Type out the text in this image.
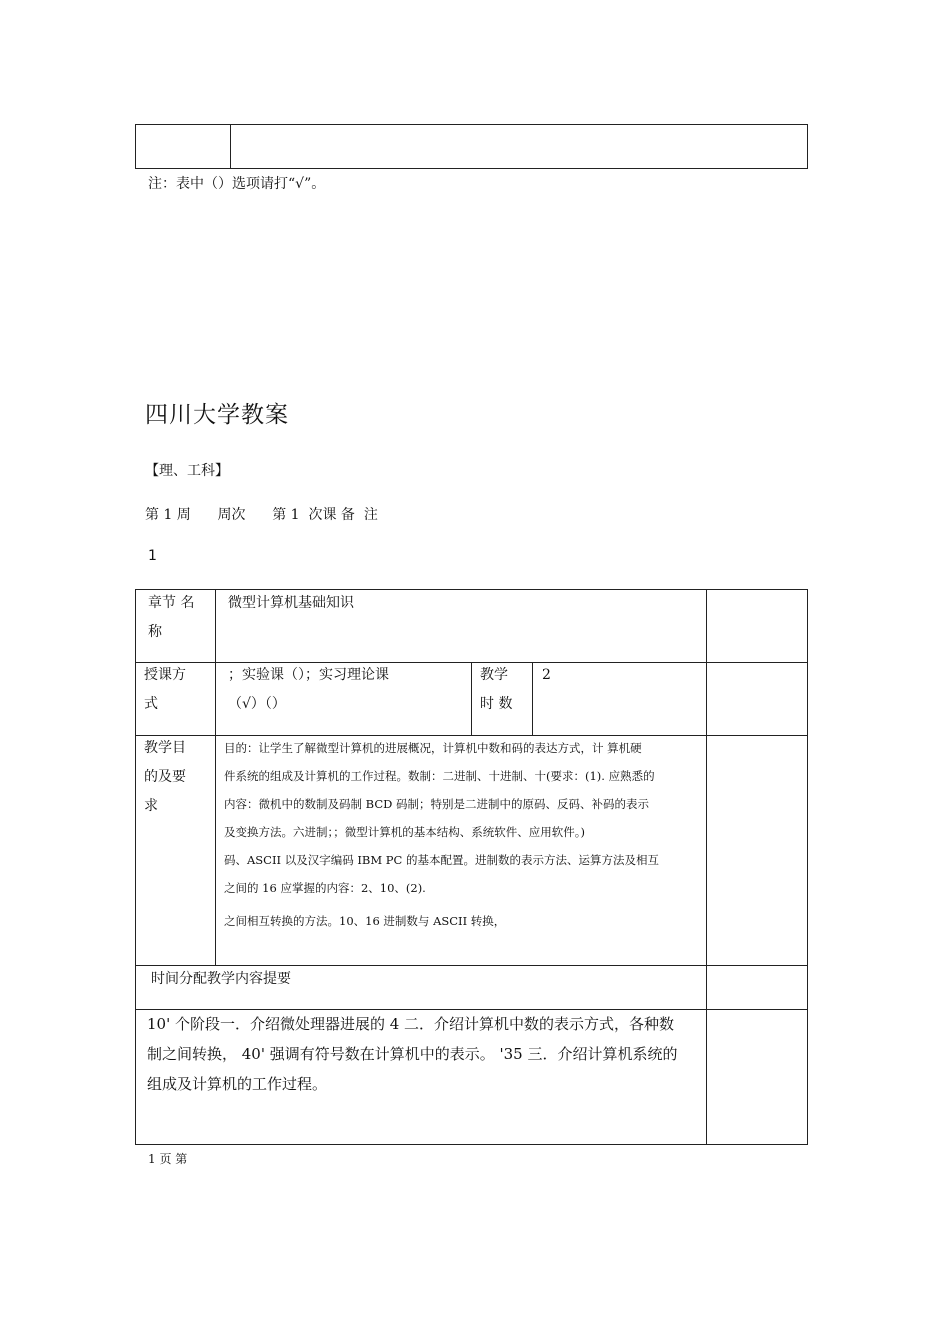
注：表中（）选项请打“√”。
四川大学教案
【理、工科】
第 1 周      周次      第 1  次课 备  注
1
章节 名
称
微型计算机基础知识
授课方
式
；实验课（）；实习理论课
（√）（）
教学
时 数
2
教学目
的及要
求
目的：让学生了解微型计算机的进展概况，计算机中数和码的表达方式，计 算机硬
件系统的组成及计算机的工作过程。数制：二进制、十进制、十(要求：(1). 应熟悉的
内容：微机中的数制及码制 BCD 码制；特别是二进制中的原码、反码、补码的表示
及变换方法。六进制；；微型计算机的基本结构、系统软件、应用软件。)
码、ASCII 以及汉字编码 IBM PC 的基本配置。进制数的表示方法、运算方法及相互
之间的 16 应掌握的内容：2、10、(2).
之间相互转换的方法。10、16 进制数与 ASCII 转换，
时间分配教学内容提要
10' 个阶段一．介绍微处理器进展的 4 二．介绍计算机中数的表示方式，各种数
制之间转换， 40' 强调有符号数在计算机中的表示。 '35 三．介绍计算机系统的
组成及计算机的工作过程。
1 页 第
